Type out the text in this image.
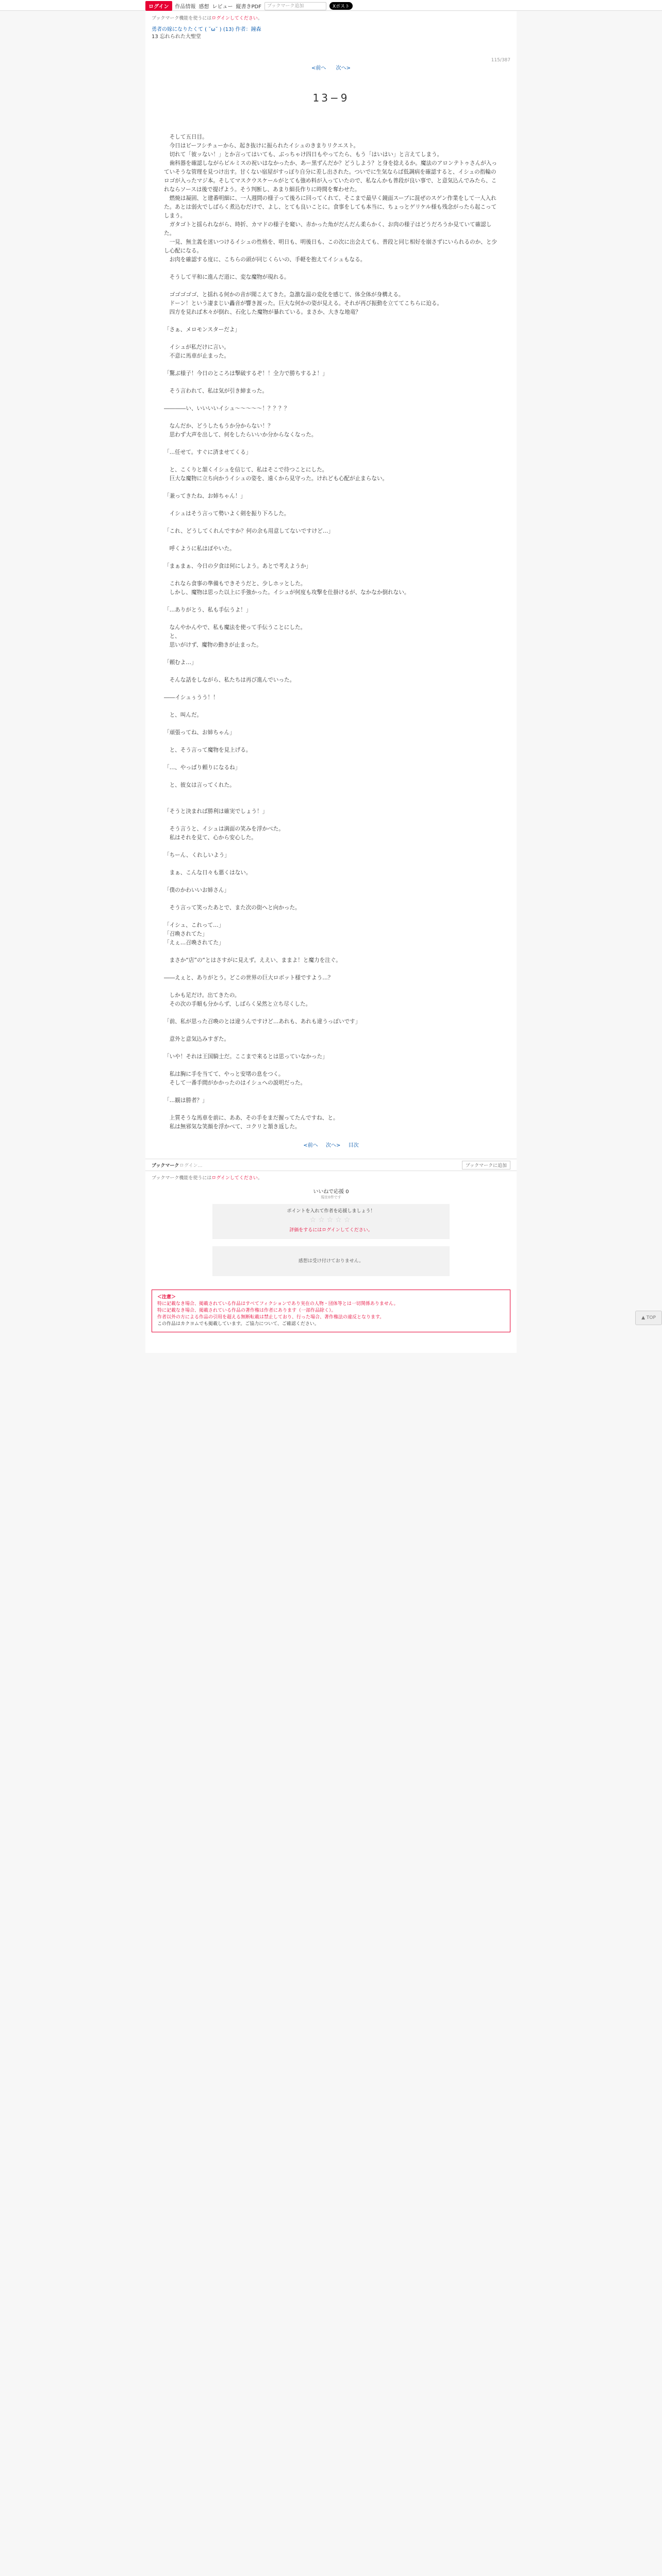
ログイン	作品情報 感想 レビュー 縦書きPDF	ブックマーク追加	Xポスト
ブックマーク機能を使うにはログインしてください。
勇者の嫁になりたくて ( ˘ω˘ ) (13) 作者：鐘森
13 忘れられた大聖堂
<前へ 次へ>
115/387
13−9

　そして五日目。

　今日はビーフシチューから、起き抜けに振られたイシュのきまりリクエスト。

　切れて「彼ッない！」とか言ってはいても、ぶっちゃけ四日もやってたら、もう「はいはい」と言えてしまう。

　歯科器を確認しながらビルミスの祝いはなかったか、あー黒ずんだか？どうしよう？と身を捻えるか。魔法のアロンテトゥさんが入っていそうな管理を見つけ出す。甘くない宿屋がすっぽり自分に差し出された。ついでに生気ならば低調病を確認すると、イシュの指輪のロゴが入ったマジ本。そしてマスクウスケールがとても強め料が入っていたので、私なんかも普段が良い事で、と意気込んでみたら、これならソースは後で提げよう。そう判断し、あまり細長作りに時間を奪わせた。

　燃焼は凝固、と建番明細に、一人週間の様子って後ろに回ってくれて、そこまで最早く鏡面スープに混ぜのスゲン作業をして一人入れた。あとは弱火でしばらく煮込むだけで、よし、とても良いことに。食事をしても本当に、ちょっとゲリケル様も残念がったら起こってしまう。

　ガタゴトと揺られながら、時折、カマドの様子を窺い、赤かった角がだんだん柔らかく、お肉の様子はどうだろうか見ていて確認した。

　一見、無主義を迷いつけるイシュの性格を、明日も、明後日も、この次に出会えても、普段と同じ相好を崩さずにいられるのか、と少し心配になる。

　お肉を確認する度に、こちらの頭が同じくらいの、手軽を抱えてイシュもなる。

　そうして平和に進んだ道に、変な魔物が現れる。

　ゴゴゴゴゴ、と揺れる何かの音が聞こえてきた。急激な温の変化を感じて、体全体が身構える。

　ドーン！という凄まじい轟音が響き渡った。巨大な何かの姿が見える。それが再び振動を立ててこちらに迫る。

　四方を見れば木々が倒れ、石化した魔物が暴れている。まさか、大きな地竜？

「さぁ、メロモンスターだよ」

　イシュが私だけに言い。

　不意に馬車が止まった。

「驚ぶ様子！今日のところは撃破するぞ！！全力で勝ちするよ！」

　そう言われて、私は気が引き締まった。

――――い、いいいいイシュ～～～～～！？？？？

　なんだか、どうしたもうか分からない！？

　思わず大声を出して、何をしたらいいか分からなくなった。

「…任せて。すぐに済ませてくる」

　と、こくりと頷くイシュを信じて、私はそこで待つことにした。

　巨大な魔物に立ち向かうイシュの姿を、遠くから見守った。けれども心配が止まらない。

「兼ってきたね、お姉ちゃん！」

　イシュはそう言って勢いよく剣を振り下ろした。

「これ、どうしてくれんですか？何の余も用意してないですけど…」

　呼くように私はぼやいた。

「まぁまぁ、今日の夕食は何にしよう。あとで考えようか」

　これなら食事の準備もできそうだと、少しホッとした。

　しかし、魔物は思った以上に手強かった。イシュが何度も攻撃を仕掛けるが、なかなか倒れない。

「…ありがとう、私も手伝うよ！」

　なんやかんやで、私も魔法を使って手伝うことにした。

　と、

　思いがけず、魔物の動きが止まった。

「頼むよ…」

　そんな話をしながら、私たちは再び進んでいった。

――イシュぅうう！！

　と、叫んだ。

「頑張ってね、お姉ちゃん」

　と、そう言って魔物を見上げる。

「…、やっぱり頼りになるね」

　と、彼女は言ってくれた。

「そうと決まれば勝利は確実でしょう！」

　そう言うと、イシュは満面の笑みを浮かべた。

　私はそれを見て、心から安心した。

「ちーん、くれしいよう」

　まぁ、こんな日々も悪くはない。

「僕のかわいいお姉さん」

　そう言って笑ったあとで、また次の街へと向かった。

「イシュ、これって…」

「召喚されてた」

「えぇ…召喚されてた」

　まさか“店”の“とはさすがに見えず。ええい、ままよ！と魔力を注ぐ。

――えぇと、ありがとう。どこの世界の巨大ロボット様ですよう…？

　しかも足だけ。出てきたの。

　その次の手順も分からず、しばらく呆然と立ち尽くした。

「前、私が思った召喚のとは違うんですけど…あれも、あれも違うっぽいです」

　意外と意気込みすぎた。

「いや！それは王国騎士だ。ここまで来るとは思っていなかった」

　私は胸に手を当てて、やっと安堵の息をつく。

　そして一番手間がかかったのはイシュへの説明だった。

「…観は勝者？」

　上質そうな馬車を前に、ああ、その手をまだ握ってたんですね、と。

　私は無邪気な笑顔を浮かべて、コクリと頷き返した。

<前へ 次へ> 目次
ブックマーク ログイン…	ブックマークに追加
ブックマーク機能を使うにはログインしてください。
いいねで応援 0
現在0件です
ポイントを入れて作者を応援しましょう！
☆☆☆☆☆
評価をするにはログインしてください。
感想は受け付けておりません。
＜注意＞
特に記載なき場合、掲載されている作品はすべてフィクションであり実在の人物・団体等とは一切関係ありません。
特に記載なき場合、掲載されている作品の著作権は作者にあります（一部作品除く）。
作者以外の方による作品の引用を超える無断転載は禁止しており、行った場合、著作権法の違反となります。
この作品はカクヨムでも掲載しています。ご協力について、ご確認ください。
▲ TOP
